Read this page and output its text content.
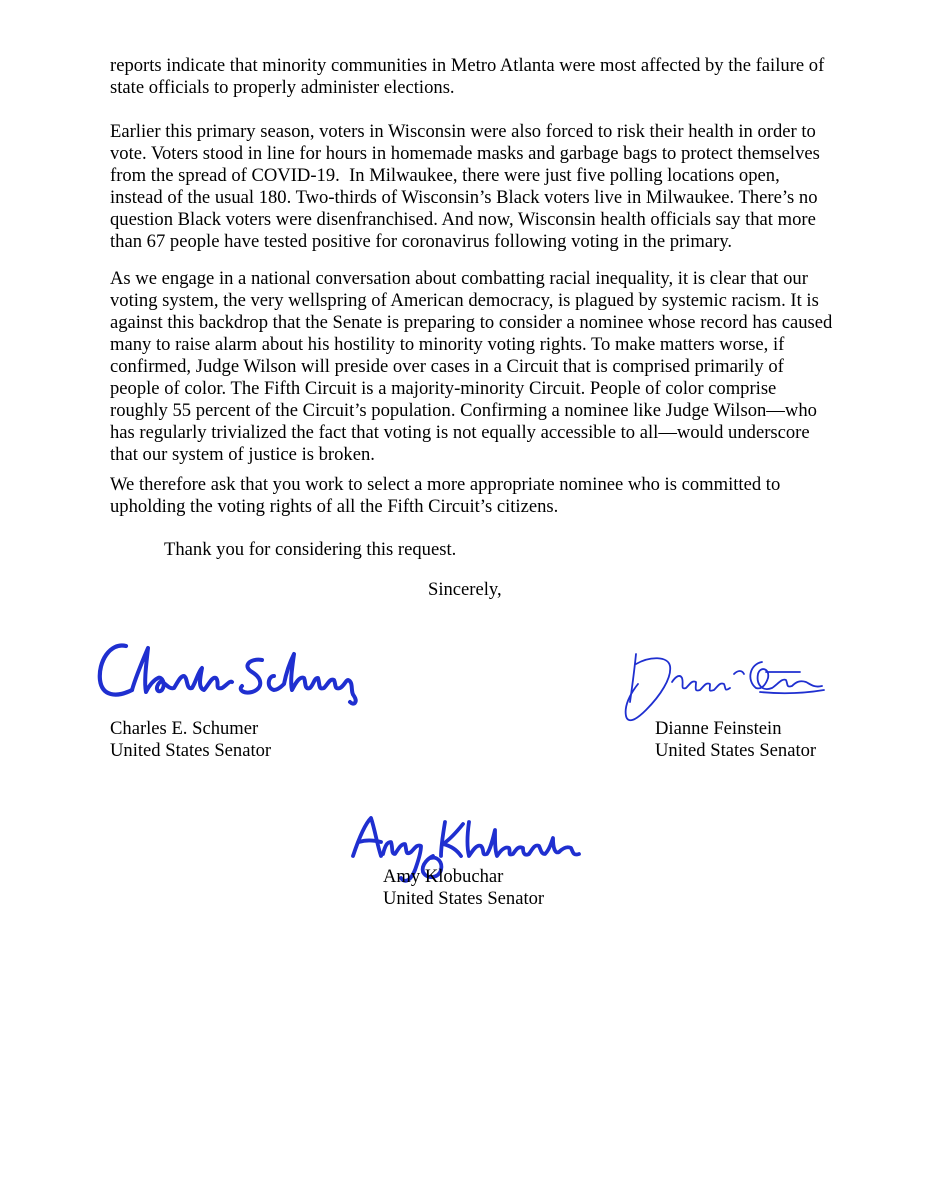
reports indicate that minority communities in Metro Atlanta were most affected by the failure of
state officials to properly administer elections.
Earlier this primary season, voters in Wisconsin were also forced to risk their health in order to
vote. Voters stood in line for hours in homemade masks and garbage bags to protect themselves
from the spread of COVID-19.  In Milwaukee, there were just five polling locations open,
instead of the usual 180. Two-thirds of Wisconsin’s Black voters live in Milwaukee. There’s no
question Black voters were disenfranchised. And now, Wisconsin health officials say that more
than 67 people have tested positive for coronavirus following voting in the primary.
As we engage in a national conversation about combatting racial inequality, it is clear that our
voting system, the very wellspring of American democracy, is plagued by systemic racism. It is
against this backdrop that the Senate is preparing to consider a nominee whose record has caused
many to raise alarm about his hostility to minority voting rights. To make matters worse, if
confirmed, Judge Wilson will preside over cases in a Circuit that is comprised primarily of
people of color. The Fifth Circuit is a majority-minority Circuit. People of color comprise
roughly 55 percent of the Circuit’s population. Confirming a nominee like Judge Wilson—who
has regularly trivialized the fact that voting is not equally accessible to all—would underscore
that our system of justice is broken.
We therefore ask that you work to select a more appropriate nominee who is committed to
upholding the voting rights of all the Fifth Circuit’s citizens.
Thank you for considering this request.
Sincerely,
Charles E. Schumer
United States Senator
Dianne Feinstein
United States Senator
Amy Klobuchar
United States Senator
